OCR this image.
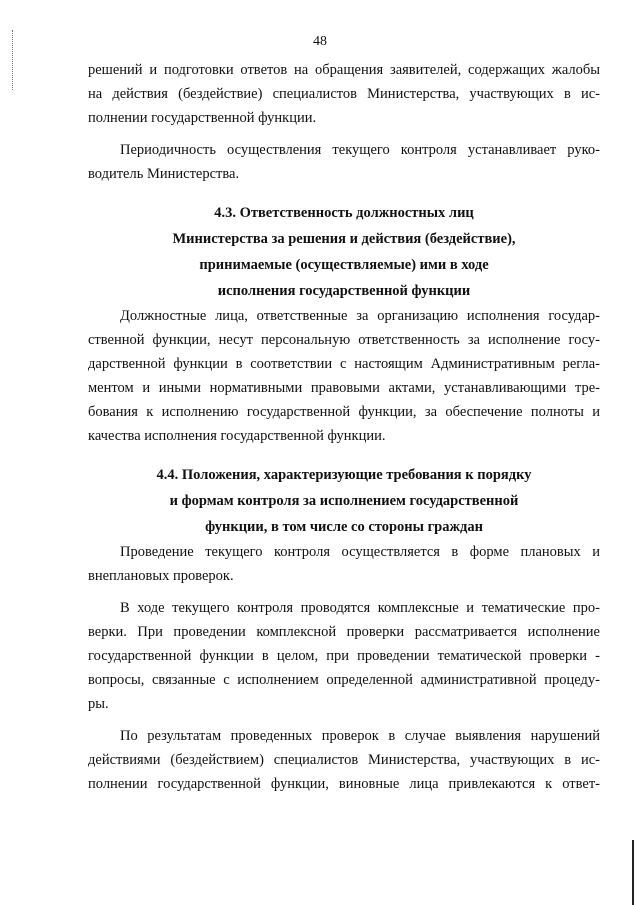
48

решений и подготовки ответов на обращения заявителей, содержащих жалобы
на действия (бездействие) специалистов Министерства, участвующих в ис-
полнении государственной функции.

Периодичность осуществления текущего контроля устанавливает руко-
водитель Министерства.

4.3. Ответственность должностных лиц

Министерства за решения и действия (бездействие),

принимаемые (осуществляемые) ими в ходе

исполнения государственной функции

Должностные лица, ответственные за организацию исполнения государ-
ственной функции, несут персональную ответственность за исполнение госу-
дарственной функции в соответствии с настоящим Административным регла-
ментом и иными нормативными правовыми актами, устанавливающими тре-
бования к исполнению государственной функции, за обеспечение полноты и
качества исполнения государственной функции.

4.4. Положения, характеризующие требования к порядку

и формам контроля за исполнением государственной

функции, в том числе со стороны граждан

Проведение текущего контроля осуществляется в форме плановых и
внеплановых проверок.

В ходе текущего контроля проводятся комплексные и тематические про-
верки. При проведении комплексной проверки рассматривается исполнение
государственной функции в целом, при проведении тематической проверки -
вопросы, связанные с исполнением определенной административной процеду-
ры.

По результатам проведенных проверок в случае выявления нарушений
действиями (бездействием) специалистов Министерства, участвующих в ис-
полнении государственной функции, виновные лица привлекаются к ответ-
